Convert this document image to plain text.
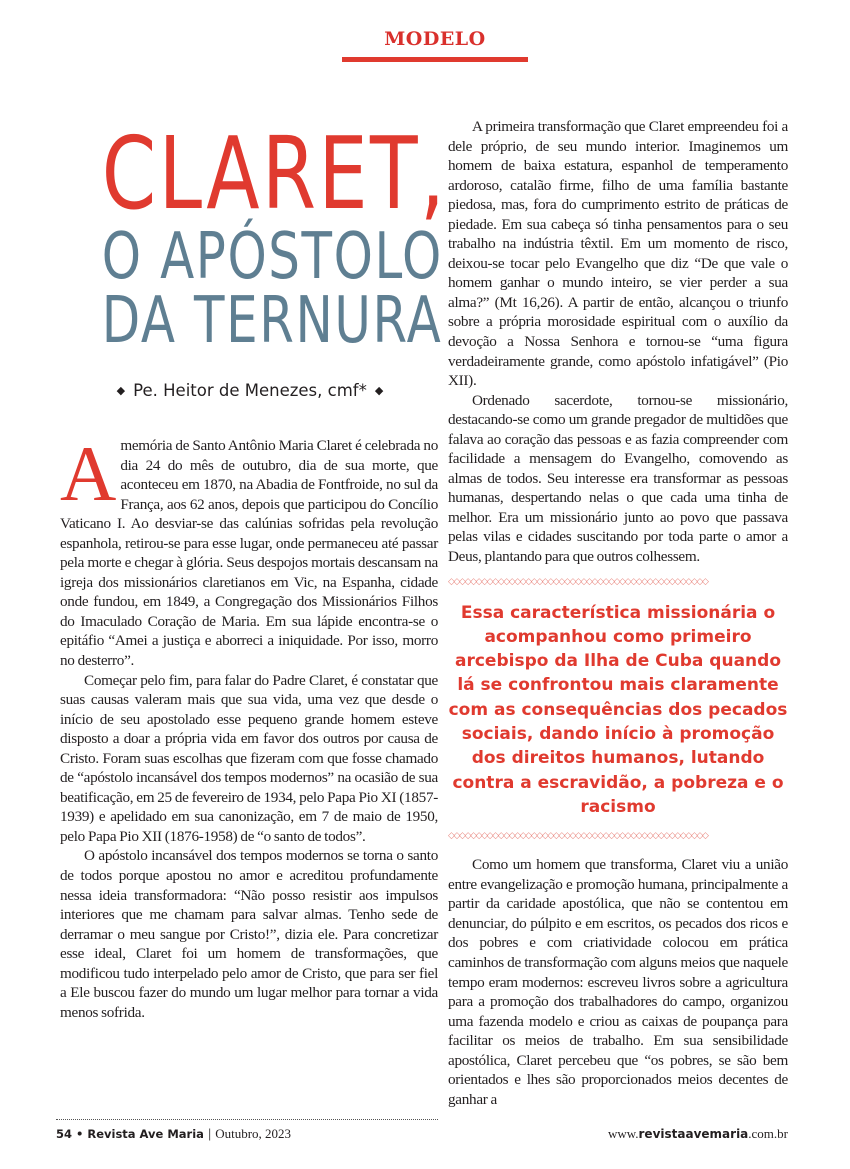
MODELO
CLARET,
O APÓSTOLO
DA TERNURA
◆ Pe. Heitor de Menezes, cmf* ◆

Amemória de Santo Antônio Maria Claret é celebrada no dia 24 do mês de outubro, dia de sua morte, que aconteceu em 1870, na Abadia de Fontfroide, no sul da França, aos 62 anos, depois que participou do Concílio Vaticano I. Ao desviar-se das calúnias sofridas pela revolução espanhola, retirou-se para esse lugar, onde permaneceu até passar pela morte e chegar à glória. Seus despojos mortais descansam na igreja dos missionários claretianos em Vic, na Espanha, cidade onde fundou, em 1849, a Congregação dos Missionários Filhos do Imaculado Coração de Maria. Em sua lápide encontra-se o epitáfio “Amei a justiça e aborreci a iniquidade. Por isso, morro no desterro”.

Começar pelo fim, para falar do Padre Claret, é constatar que suas causas valeram mais que sua vida, uma vez que desde o início de seu apostolado esse pequeno grande homem esteve disposto a doar a própria vida em favor dos outros por causa de Cristo. Foram suas escolhas que fizeram com que fosse chamado de “apóstolo incansável dos tempos modernos” na ocasião de sua beatificação, em 25 de fevereiro de 1934, pelo Papa Pio XI (1857-1939) e apelidado em sua canonização, em 7 de maio de 1950, pelo Papa Pio XII (1876-1958) de “o santo de todos”.

O apóstolo incansável dos tempos modernos se torna o santo de todos porque apostou no amor e acreditou profundamente nessa ideia transformadora: “Não posso resistir aos impulsos interiores que me chamam para salvar almas. Tenho sede de derramar o meu sangue por Cristo!”, dizia ele. Para concretizar esse ideal, Claret foi um homem de transformações, que modificou tudo interpelado pelo amor de Cristo, que para ser fiel a Ele buscou fazer do mundo um lugar melhor para tornar a vida menos sofrida.

A primeira transformação que Claret empreendeu foi a dele próprio, de seu mundo interior. Imaginemos um homem de baixa estatura, espanhol de temperamento ardoroso, catalão firme, filho de uma família bastante piedosa, mas, fora do cumprimento estrito de práticas de piedade. Em sua cabeça só tinha pensamentos para o seu trabalho na indústria têxtil. Em um momento de risco, deixou-se tocar pelo Evangelho que diz “De que vale o homem ganhar o mundo inteiro, se vier perder a sua alma?” (Mt 16,26). A partir de então, alcançou o triunfo sobre a própria morosidade espiritual com o auxílio da devoção a Nossa Senhora e tornou-se “uma figura verdadeiramente grande, como apóstolo infatigável” (Pio XII).

Ordenado sacerdote, tornou-se missionário, destacando-se como um grande pregador de multidões que falava ao coração das pessoas e as fazia compreender com facilidade a mensagem do Evangelho, comovendo as almas de todos. Seu interesse era transformar as pessoas humanas, despertando nelas o que cada uma tinha de melhor. Era um missionário junto ao povo que passava pelas vilas e cidades suscitando por toda parte o amor a Deus, plantando para que outros colhessem.

◇◇◇◇◇◇◇◇◇◇◇◇◇◇◇◇◇◇◇◇◇◇◇◇◇◇◇◇◇◇◇◇◇◇◇◇◇◇◇◇◇◇◇◇◇◇◇
Essa característica missionária o acompanhou como primeiro arcebispo da Ilha de Cuba quando lá se confrontou mais claramente com as consequências dos pecados sociais, dando início à promoção dos direitos humanos, lutando contra a escravidão, a pobreza e o racismo
◇◇◇◇◇◇◇◇◇◇◇◇◇◇◇◇◇◇◇◇◇◇◇◇◇◇◇◇◇◇◇◇◇◇◇◇◇◇◇◇◇◇◇◇◇◇◇

Como um homem que transforma, Claret viu a união entre evangelização e promoção humana, principalmente a partir da caridade apostólica, que não se contentou em denunciar, do púlpito e em escritos, os pecados dos ricos e dos pobres e com criatividade colocou em prática caminhos de transformação com alguns meios que naquele tempo eram modernos: escreveu livros sobre a agricultura para a promoção dos trabalhadores do campo, organizou uma fazenda modelo e criou as caixas de poupança para facilitar os meios de trabalho. Em sua sensibilidade apostólica, Claret percebeu que “os pobres, se são bem orientados e lhes são proporcionados meios decentes de ganhar a

54 • Revista Ave Maria | Outubro, 2023	www.revistaavemaria.com.br
